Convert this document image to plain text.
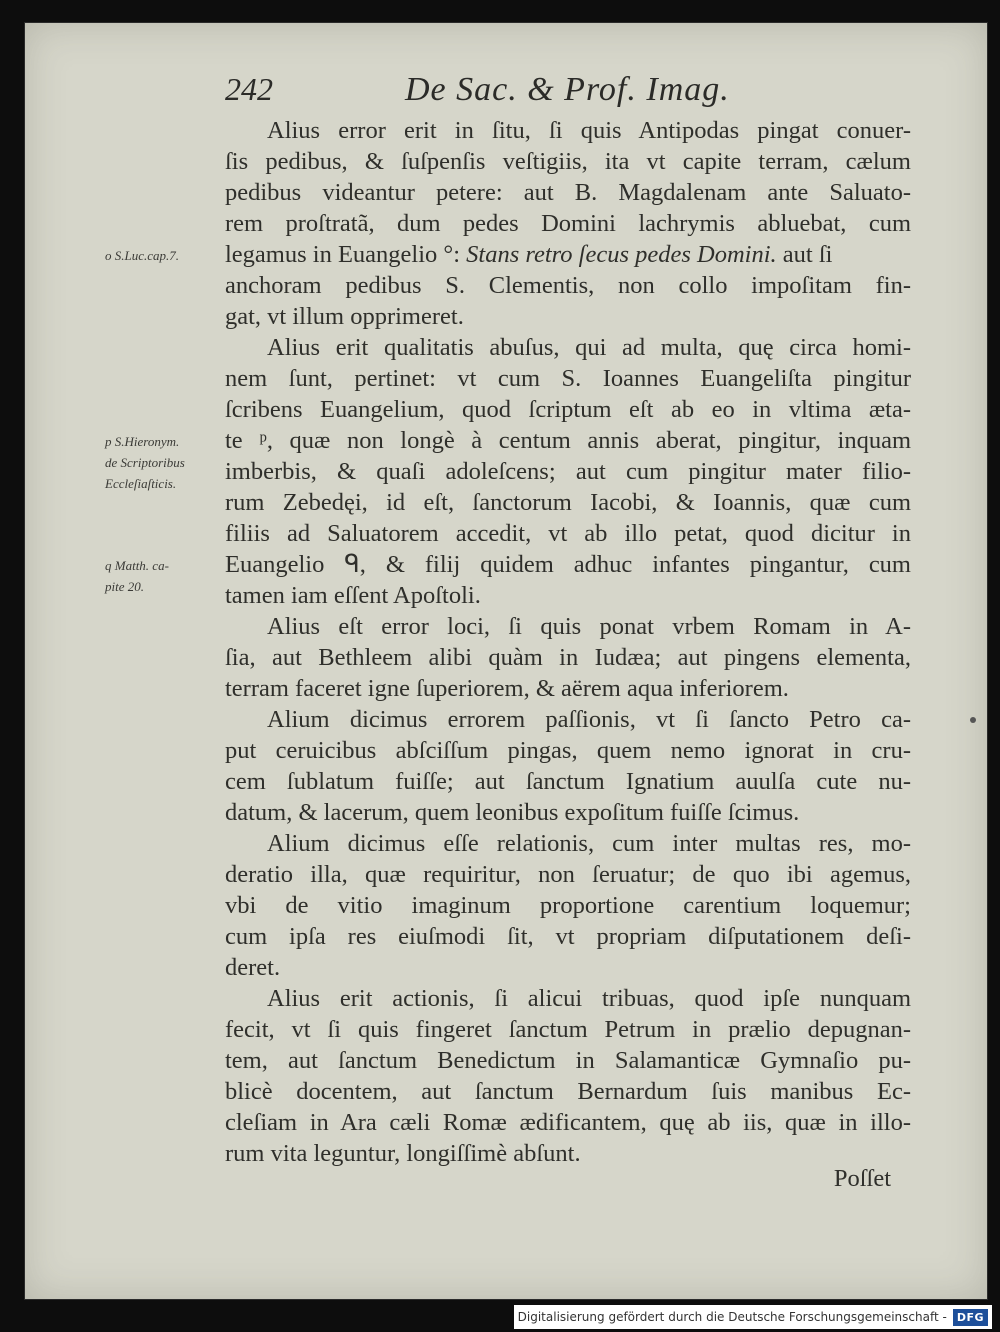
242	De Sac. & Prof. Imag.
o S.Luc.cap.7.
p S.Hieronym.
de Scriptoribus
Eccleſiaſticis.
q Matth. ca-
pite 20.
Alius error erit in ſitu, ſi quis Antipodas pingat conuer-
ſis pedibus, & ſuſpenſis veſtigiis, ita vt capite terram, cælum
pedibus videantur petere: aut B. Magdalenam ante Saluato-
rem proſtratã, dum pedes Domini lachrymis abluebat, cum
legamus in Euangelio °: Stans retro ſecus pedes Domini. aut ſi
anchoram pedibus S. Clementis, non collo impoſitam fin-
gat, vt illum opprimeret.
Alius erit qualitatis abuſus, qui ad multa, quę circa homi-
nem ſunt, pertinet: vt cum S. Ioannes Euangeliſta pingitur
ſcribens Euangelium, quod ſcriptum eſt ab eo in vltima æta-
te ᵖ, quæ non longè à centum annis aberat, pingitur, inquam
imberbis, & quaſi adoleſcens; aut cum pingitur mater filio-
rum Zebedęi, id eſt, ſanctorum Iacobi, & Ioannis, quæ cum
filiis ad Saluatorem accedit, vt ab illo petat, quod dicitur in
Euangelio ᑫ, & filij quidem adhuc infantes pingantur, cum
tamen iam eſſent Apoſtoli.
Alius eſt error loci, ſi quis ponat vrbem Romam in A-
ſia, aut Bethleem alibi quàm in Iudæa; aut pingens elementa,
terram faceret igne ſuperiorem, & aërem aqua inferiorem.
Alium dicimus errorem paſſionis, vt ſi ſancto Petro ca-
put ceruicibus abſciſſum pingas, quem nemo ignorat in cru-
cem ſublatum fuiſſe; aut ſanctum Ignatium auulſa cute nu-
datum, & lacerum, quem leonibus expoſitum fuiſſe ſcimus.
Alium dicimus eſſe relationis, cum inter multas res, mo-
deratio illa, quæ requiritur, non ſeruatur; de quo ibi agemus,
vbi de vitio imaginum proportione carentium loquemur;
cum ipſa res eiuſmodi ſit, vt propriam diſputationem deſi-
deret.
Alius erit actionis, ſi alicui tribuas, quod ipſe nunquam
fecit, vt ſi quis fingeret ſanctum Petrum in prælio depugnan-
tem, aut ſanctum Benedictum in Salamanticæ Gymnaſio pu-
blicè docentem, aut ſanctum Bernardum ſuis manibus Ec-
cleſiam in Ara cæli Romæ ædificantem, quę ab iis, quæ in illo-
rum vita leguntur, longiſſimè abſunt.
Poſſet
Digitalisierung gefördert durch die Deutsche Forschungsgemeinschaft - DFG
